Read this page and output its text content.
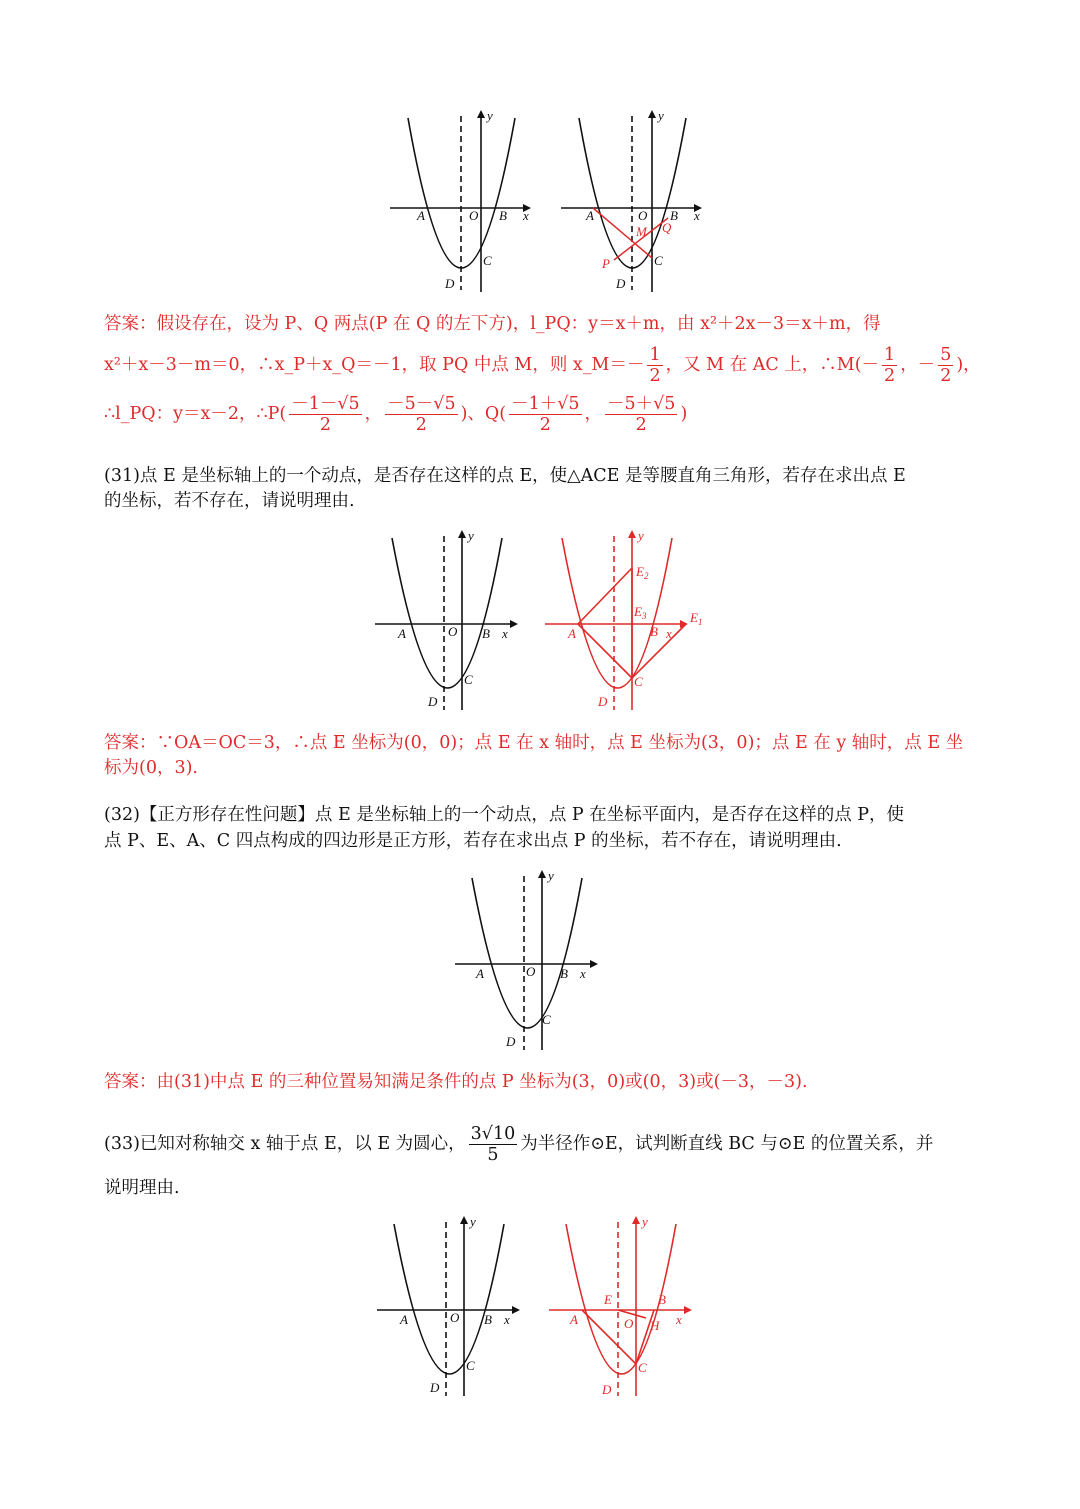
y
x
A	O B
C
D
y
x
A	O B
C
D
P
Q
M
答案：假设存在，设为 P、Q 两点(P 在 Q 的左下方)，l_PQ：y＝x＋m，由 x²＋2x－3＝x＋m，得
x²＋x－3－m＝0，∴x_P＋x_Q＝－1，取 PQ 中点 M，则 x_M＝－ $\frac{1}{2}$ ，又 M 在 AC 上，∴M(－ $\frac{1}{2}$ ，－ $\frac{5}{2}$ )，
∴l_PQ：y＝x－2，∴P( $\frac{-1-√5}{2}$ ， $\frac{-5-√5}{2}$ )、$Q( \frac{-1+√5}{2}$ ， $\frac{-5+√5}{2}$ )
(31)点 E 是坐标轴上的一个动点，是否存在这样的点 E，使△ACE 是等腰直角三角形，若存在求出点 E
的坐标，若不存在，请说明理由.
y
x
A	O B
C
D
y
x
A	B
C
D
$E_2$
$E_3$	$E_1$
答案：∵OA＝OC＝3，∴点 E 坐标为(0，0)；点 E 在 x 轴时，点 E 坐标为(3，0)；点 E 在 y 轴时，点 E 坐
标为(0，3).
(32)【正方形存在性问题】点 E 是坐标轴上的一个动点，点 P 在坐标平面内，是否存在这样的点 P，使
点 P、E、A、C 四点构成的四边形是正方形，若存在求出点 P 的坐标，若不存在，请说明理由.
y
x
A	O B
C
D
答案：由(31)中点 E 的三种位置易知满足条件的点 P 坐标为(3，0)或(0，3)或(－3，－3).
(33)已知对称轴交 x 轴于点 E，以 E 为圆心， $\frac{3√10}{5}$ 为半径作⊙E，试判断直线 BC 与⊙E 的位置关系，并
说明理由.
y
x
A	O B
C
D
y
x
A	O
B
C
D
E
H
